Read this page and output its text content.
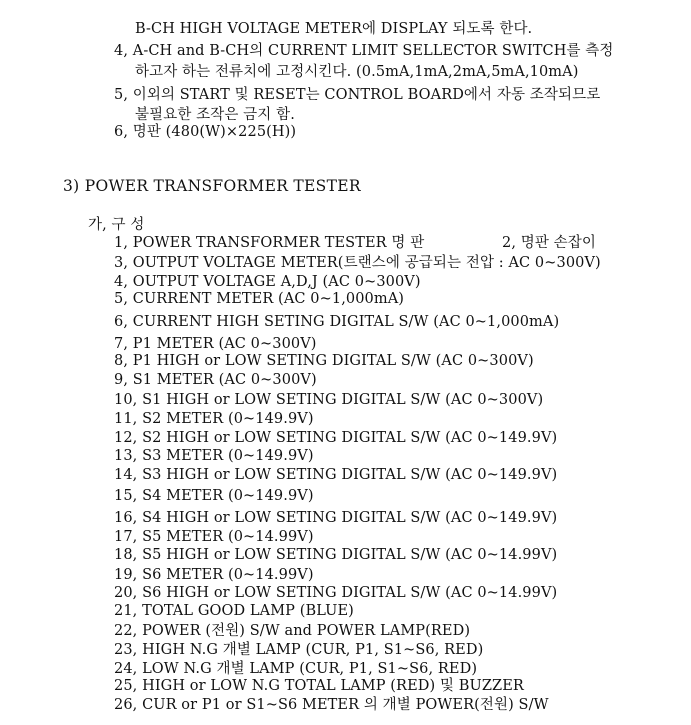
B-CH HIGH VOLTAGE METER에 DISPLAY 되도록 한다.
4, A-CH and B-CH의 CURRENT LIMIT SELLECTOR SWITCH를 측정
하고자 하는 전류치에 고정시킨다. (0.5mA,1mA,2mA,5mA,10mA)
5, 이외의 START 및 RESET는 CONTROL BOARD에서 자동 조작되므로
불필요한 조작은 금지 함.
6, 명판 (480(W)×225(H))
3) POWER TRANSFORMER TESTER
가, 구 성
1, POWER TRANSFORMER TESTER 명 판	2, 명판 손잡이
3, OUTPUT VOLTAGE METER(트랜스에 공급되는 전압 : AC 0~300V)
4, OUTPUT VOLTAGE A,D,J (AC 0~300V)
5, CURRENT METER (AC 0~1,000mA)
6, CURRENT HIGH SETING DIGITAL S/W (AC 0~1,000mA)
7, P1 METER (AC 0~300V)
8, P1 HIGH or LOW SETING DIGITAL S/W (AC 0~300V)
9, S1 METER (AC 0~300V)
10, S1 HIGH or LOW SETING DIGITAL S/W (AC 0~300V)
11, S2 METER (0~149.9V)
12, S2 HIGH or LOW SETING DIGITAL S/W (AC 0~149.9V)
13, S3 METER (0~149.9V)
14, S3 HIGH or LOW SETING DIGITAL S/W (AC 0~149.9V)
15, S4 METER (0~149.9V)
16, S4 HIGH or LOW SETING DIGITAL S/W (AC 0~149.9V)
17, S5 METER (0~14.99V)
18, S5 HIGH or LOW SETING DIGITAL S/W (AC 0~14.99V)
19, S6 METER (0~14.99V)
20, S6 HIGH or LOW SETING DIGITAL S/W (AC 0~14.99V)
21, TOTAL GOOD LAMP (BLUE)
22, POWER (전원) S/W and POWER LAMP(RED)
23, HIGH N.G 개별 LAMP (CUR, P1, S1~S6, RED)
24, LOW N.G 개별 LAMP (CUR, P1, S1~S6, RED)
25, HIGH or LOW N.G TOTAL LAMP (RED) 및 BUZZER
26, CUR or P1 or S1~S6 METER 의 개별 POWER(전원) S/W
